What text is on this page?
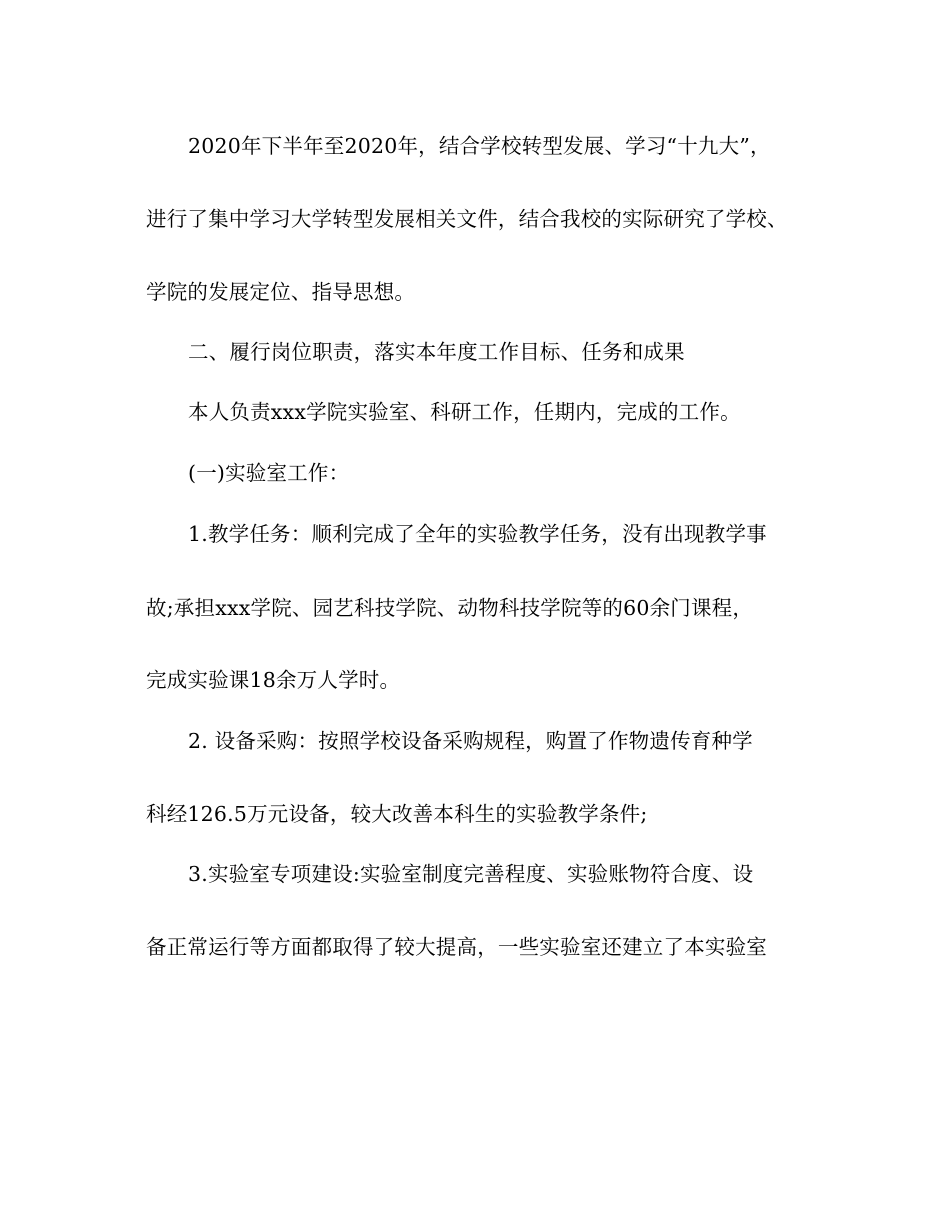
2020年下半年至2020年，结合学校转型发展、学习“十九大”，
进行了集中学习大学转型发展相关文件，结合我校的实际研究了学校、
学院的发展定位、指导思想。
二、履行岗位职责，落实本年度工作目标、任务和成果
本人负责xxx学院实验室、科研工作，任期内，完成的工作。
(一)实验室工作：
1.教学任务：顺利完成了全年的实验教学任务，没有出现教学事
故;承担xxx学院、园艺科技学院、动物科技学院等的60余门课程，
完成实验课18余万人学时。
2. 设备采购：按照学校设备采购规程，购置了作物遗传育种学
科经126.5万元设备，较大改善本科生的实验教学条件;
3.实验室专项建设:实验室制度完善程度、实验账物符合度、设
备正常运行等方面都取得了较大提高，一些实验室还建立了本实验室
